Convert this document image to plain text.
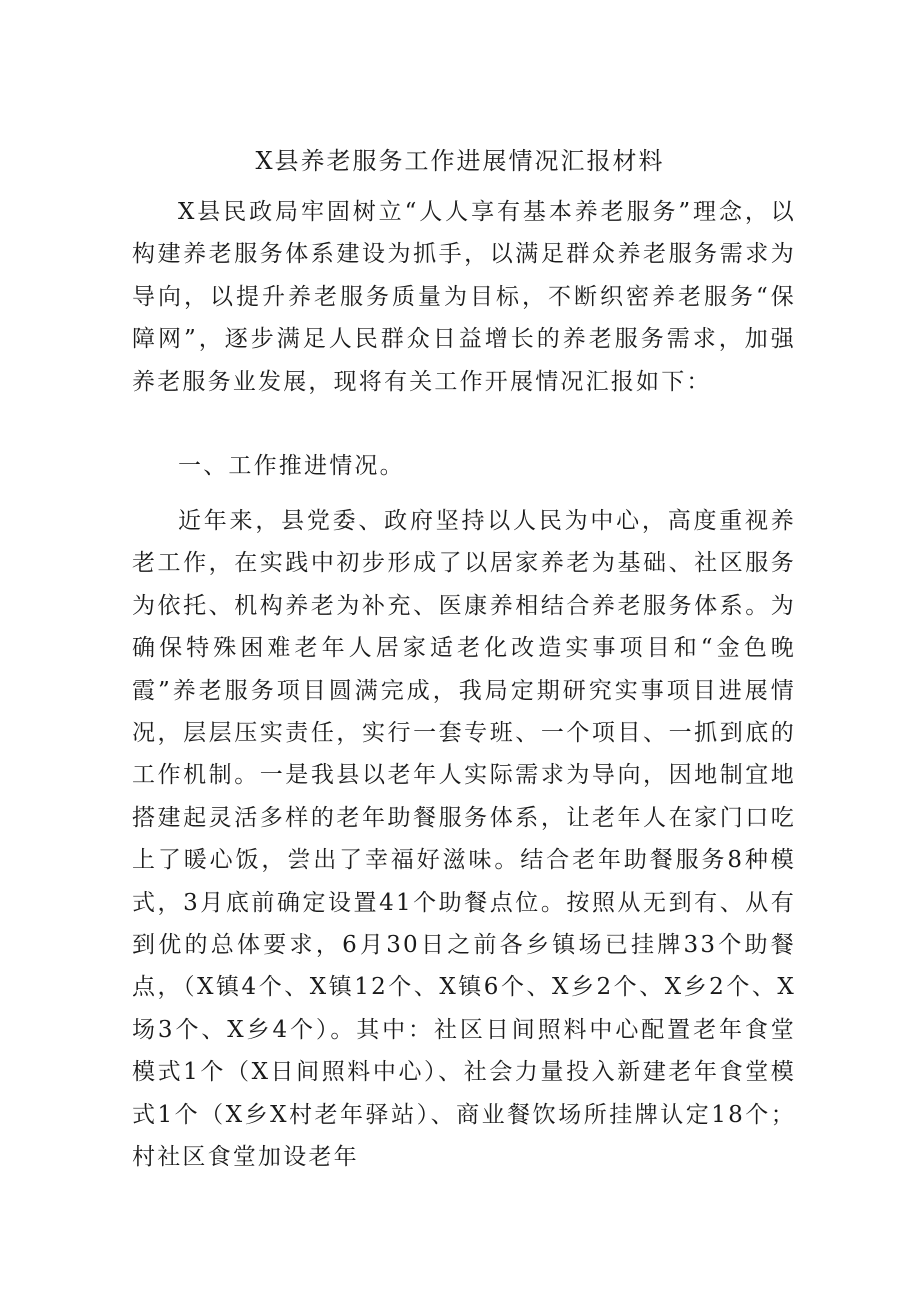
X县养老服务工作进展情况汇报材料

X县民政局牢固树立“人人享有基本养老服务”理念，以构建养老服务体系建设为抓手，以满足群众养老服务需求为导向，以提升养老服务质量为目标，不断织密养老服务“保障网”，逐步满足人民群众日益增长的养老服务需求，加强养老服务业发展，现将有关工作开展情况汇报如下：

一、工作推进情况。

近年来，县党委、政府坚持以人民为中心，高度重视养老工作，在实践中初步形成了以居家养老为基础、社区服务为依托、机构养老为补充、医康养相结合养老服务体系。为确保特殊困难老年人居家适老化改造实事项目和“金色晚霞”养老服务项目圆满完成，我局定期研究实事项目进展情况，层层压实责任，实行一套专班、一个项目、一抓到底的工作机制。一是我县以老年人实际需求为导向，因地制宜地搭建起灵活多样的老年助餐服务体系，让老年人在家门口吃上了暖心饭，尝出了幸福好滋味。结合老年助餐服务8种模式，3月底前确定设置41个助餐点位。按照从无到有、从有到优的总体要求，6月30日之前各乡镇场已挂牌33个助餐点，（X镇4个、X镇12个、X镇6个、X乡2个、X乡2个、X场3个、X乡4个）。其中：社区日间照料中心配置老年食堂模式1个（X日间照料中心）、社会力量投入新建老年食堂模式1个（X乡X村老年驿站）、商业餐饮场所挂牌认定18个；村社区食堂加设老年
